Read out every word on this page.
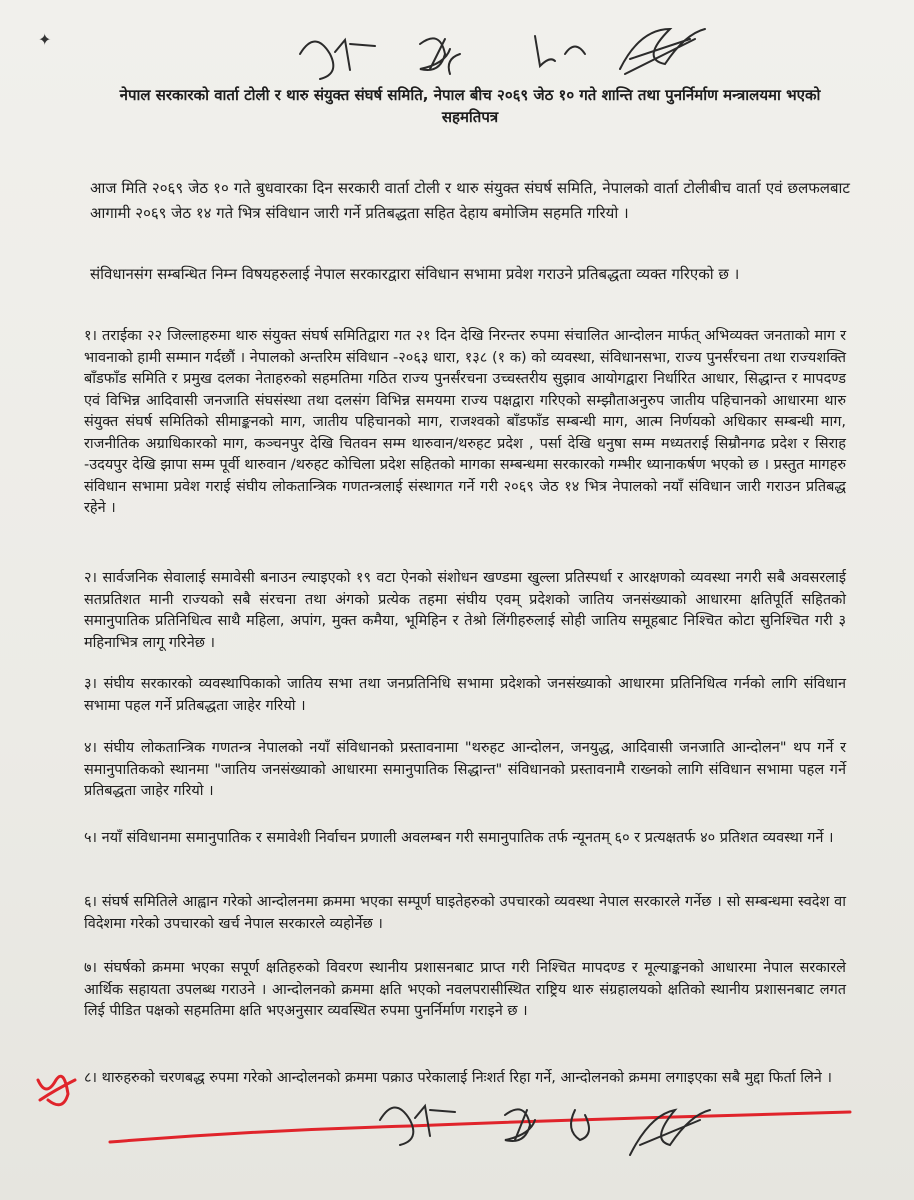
✦
नेपाल सरकारको वार्ता टोली र थारु संयुक्त संघर्ष समिति, नेपाल बीच २०६९ जेठ १० गते शान्ति तथा पुनर्निर्माण मन्त्रालयमा भएको सहमतिपत्र
आज मिति २०६९ जेठ १० गते बुधवारका दिन सरकारी वार्ता टोली र थारु संयुक्त संघर्ष समिति, नेपालको वार्ता टोलीबीच वार्ता एवं छलफलबाट आगामी २०६९ जेठ १४ गते भित्र संविधान जारी गर्ने प्रतिबद्धता सहित देहाय बमोजिम सहमति गरियो ।
संविधानसंग सम्बन्धित निम्न विषयहरुलाई नेपाल सरकारद्वारा संविधान सभामा प्रवेश गराउने प्रतिबद्धता व्यक्त गरिएको छ ।
१। तराईका २२ जिल्लाहरुमा थारु संयुक्त संघर्ष समितिद्वारा गत २१ दिन देखि निरन्तर रुपमा संचालित आन्दोलन मार्फत् अभिव्यक्त जनताको माग र भावनाको हामी सम्मान गर्दछौं । नेपालको अन्तरिम संविधान -२०६३ धारा, १३८ (१ क) को व्यवस्था, संविधानसभा, राज्य पुनर्संरचना तथा राज्यशक्ति बाँडफाँड समिति र प्रमुख दलका नेताहरुको सहमतिमा गठित राज्य पुनर्संरचना उच्चस्तरीय सुझाव आयोगद्वारा निर्धारित आधार, सिद्धान्त र मापदण्ड एवं विभिन्न आदिवासी जनजाति संघसंस्था तथा दलसंग विभिन्न समयमा राज्य पक्षद्वारा गरिएको सम्झौताअनुरुप जातीय पहिचानको आधारमा थारु संयुक्त संघर्ष समितिको सीमाङ्कनको माग, जातीय पहिचानको माग, राजश्वको बाँडफाँड सम्बन्धी माग, आत्म निर्णयको अधिकार सम्बन्धी माग, राजनीतिक अग्राधिकारको माग, कञ्चनपुर देखि चितवन सम्म थारुवान/थरुहट प्रदेश , पर्सा देखि धनुषा सम्म मध्यतराई सिम्रौनगढ प्रदेश र सिराह -उदयपुर देखि झापा सम्म पूर्वी थारुवान /थरुहट कोचिला प्रदेश सहितको मागका सम्बन्धमा सरकारको गम्भीर ध्यानाकर्षण भएको छ । प्रस्तुत मागहरु संविधान सभामा प्रवेश गराई संघीय लोकतान्त्रिक गणतन्त्रलाई संस्थागत गर्ने गरी २०६९ जेठ १४ भित्र नेपालको नयाँ संविधान जारी गराउन प्रतिबद्ध रहेने ।
२। सार्वजनिक सेवालाई समावेसी बनाउन ल्याइएको १९ वटा ऐनको संशोधन खण्डमा खुल्ला प्रतिस्पर्धा र आरक्षणको व्यवस्था नगरी सबै अवसरलाई सतप्रतिशत मानी राज्यको सबै संरचना तथा अंगको प्रत्येक तहमा संघीय एवम् प्रदेशको जातिय जनसंख्याको आधारमा क्षतिपूर्ति सहितको समानुपातिक प्रतिनिधित्व साथै महिला, अपांग, मुक्त कमैया, भूमिहिन र तेश्रो लिंगीहरुलाई सोही जातिय समूहबाट निश्चित कोटा सुनिश्चित गरी ३ महिनाभित्र लागू गरिनेछ ।
३। संघीय सरकारको व्यवस्थापिकाको जातिय सभा तथा जनप्रतिनिधि सभामा प्रदेशको जनसंख्याको आधारमा प्रतिनिधित्व गर्नको लागि संविधान सभामा पहल गर्ने प्रतिबद्धता जाहेर गरियो ।
४। संघीय लोकतान्त्रिक गणतन्त्र नेपालको नयाँ संविधानको प्रस्तावनामा "थरुहट आन्दोलन, जनयुद्ध, आदिवासी जनजाति आन्दोलन" थप गर्ने र समानुपातिकको स्थानमा "जातिय जनसंख्याको आधारमा समानुपातिक सिद्धान्त" संविधानको प्रस्तावनामै राख्नको लागि संविधान सभामा पहल गर्ने प्रतिबद्धता जाहेर गरियो ।
५। नयाँ संविधानमा समानुपातिक र समावेशी निर्वाचन प्रणाली अवलम्बन गरी समानुपातिक तर्फ न्यूनतम् ६० र प्रत्यक्षतर्फ ४० प्रतिशत व्यवस्था गर्ने ।
६। संघर्ष समितिले आह्वान गरेको आन्दोलनमा क्रममा भएका सम्पूर्ण घाइतेहरुको उपचारको व्यवस्था नेपाल सरकारले गर्नेछ । सो सम्बन्धमा स्वदेश वा विदेशमा गरेको उपचारको खर्च नेपाल सरकारले व्यहोर्नेछ ।
७। संघर्षको क्रममा भएका सपूर्ण क्षतिहरुको विवरण स्थानीय प्रशासनबाट प्राप्त गरी निश्चित मापदण्ड र मूल्याङ्कनको आधारमा नेपाल सरकारले आर्थिक सहायता उपलब्ध गराउने । आन्दोलनको क्रममा क्षति भएको नवलपरासीस्थित राष्ट्रिय थारु संग्रहालयको क्षतिको स्थानीय प्रशासनबाट लगत लिई पीडित पक्षको सहमतिमा क्षति भएअनुसार व्यवस्थित रुपमा पुनर्निर्माण गराइने छ ।
८। थारुहरुको चरणबद्ध रुपमा गरेको आन्दोलनको क्रममा पक्राउ परेकालाई निःशर्त रिहा गर्ने, आन्दोलनको क्रममा लगाइएका सबै मुद्दा फिर्ता लिने ।
